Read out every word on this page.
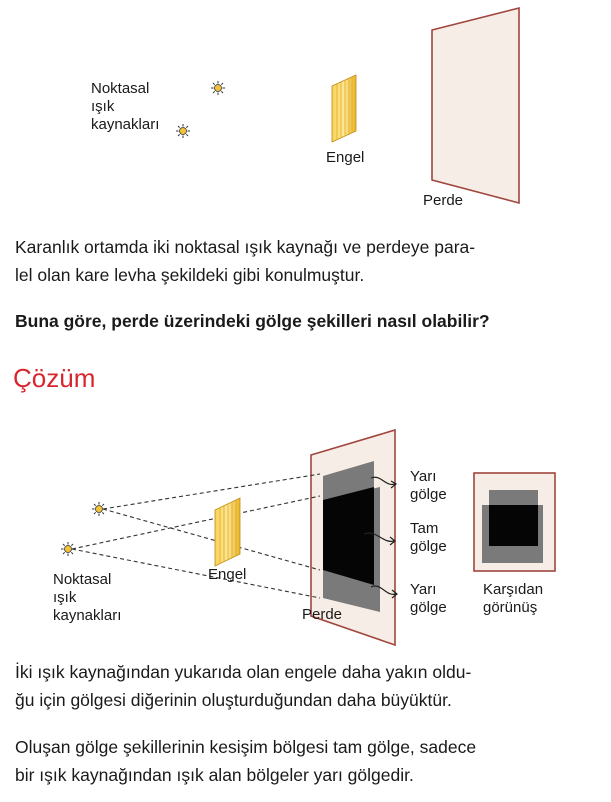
Noktasal
ışık
kaynakları
Engel
Perde
Karanlık ortamda iki noktasal ışık kaynağı ve perdeye para-
lel olan kare levha şekildeki gibi konulmuştur.
Buna göre, perde üzerindeki gölge şekilleri nasıl olabilir?
Çözüm
Yarı
gölge
Tam
gölge
Yarı
gölge
Karşıdan
görünüş
Noktasal
ışık
kaynakları
Engel
Perde
İki ışık kaynağından yukarıda olan engele daha yakın oldu-
ğu için gölgesi diğerinin oluşturduğundan daha büyüktür.
Oluşan gölge şekillerinin kesişim bölgesi tam gölge, sadece
bir ışık kaynağından ışık alan bölgeler yarı gölgedir.
